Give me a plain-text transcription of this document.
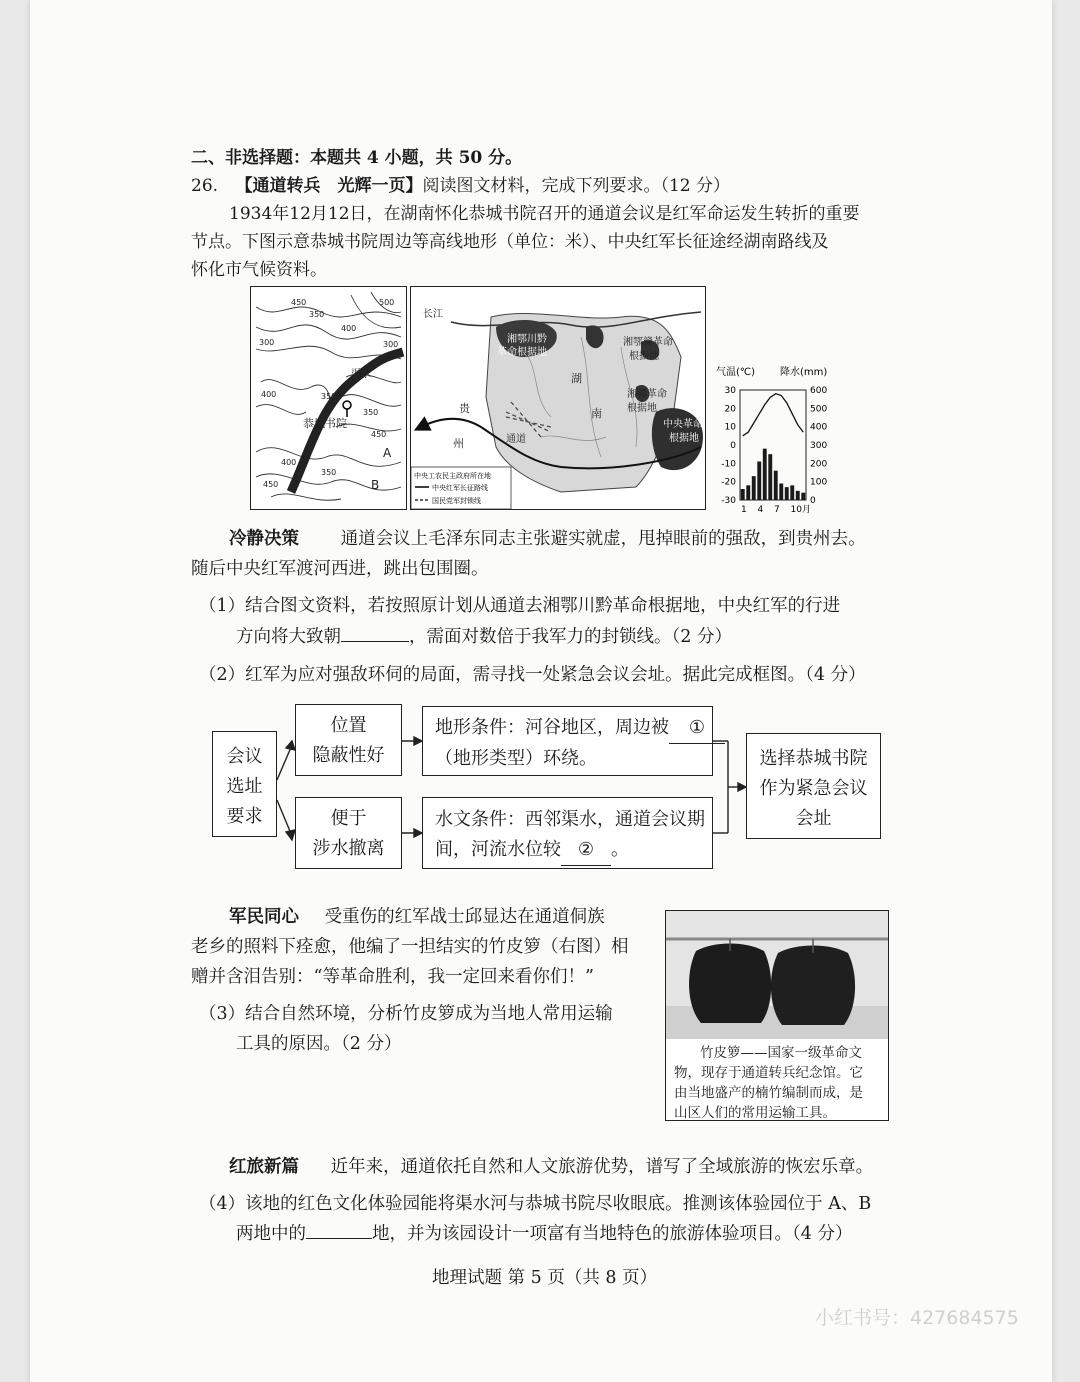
二、非选择题：本题共 4 小题，共 50 分。
26. 【通道转兵　光辉一页】阅读图文材料，完成下列要求。（12 分）
1934年12月12日，在湖南怀化恭城书院召开的通道会议是红军命运发生转折的重要
节点。下图示意恭城书院周边等高线地形（单位：米）、中央红军长征途经湖南路线及
怀化市气候资料。
渠水
恭城书院
A
B
300
350
400
450	500
350
400
450
400
350
450
300
350
长江
湘鄂川黔
革命根据地
湘鄂赣革命
根据地
湘赣革命
根据地
中央革命
根据地
湖
南
贵
州	通道
中央工农民主政府所在地
中央红军长征路线
国民党军封锁线
气温(℃) 降水(mm)
30
20
10
0
-10
-20
-30
600
500
400
300
200
100
0
1 4 7 10月
冷静决策 通道会议上毛泽东同志主张避实就虚，甩掉眼前的强敌，到贵州去。
随后中央红军渡河西进，跳出包围圈。
（1）结合图文资料，若按照原计划从通道去湘鄂川黔革命根据地，中央红军的行进
方向将大致朝	，需面对数倍于我军力的封锁线。（2 分）
（2）红军为应对强敌环伺的局面，需寻找一处紧急会议会址。据此完成框图。（4 分）
会议
选址
要求
位置
隐蔽性好
便于
涉水撤离
地形条件：河谷地区，周边被 ①
（地形类型）环绕。
水文条件：西邻渠水，通道会议期
间，河流水位较 ② 。
选择恭城书院
作为紧急会议
会址
军民同心 受重伤的红军战士邱显达在通道侗族
老乡的照料下痊愈，他编了一担结实的竹皮箩（右图）相
赠并含泪告别：“等革命胜利，我一定回来看你们！”
（3）结合自然环境，分析竹皮箩成为当地人常用运输
工具的原因。（2 分）	竹皮箩——国家一级革命文
物，现存于通道转兵纪念馆。它
由当地盛产的楠竹编制而成，是
山区人们的常用运输工具。
红旅新篇 近年来，通道依托自然和人文旅游优势，谱写了全域旅游的恢宏乐章。
（4）该地的红色文化体验园能将渠水河与恭城书院尽收眼底。推测该体验园位于 A、B
两地中的	地，并为该园设计一项富有当地特色的旅游体验项目。（4 分）
地理试题 第 5 页（共 8 页）
小红书号：427684575
